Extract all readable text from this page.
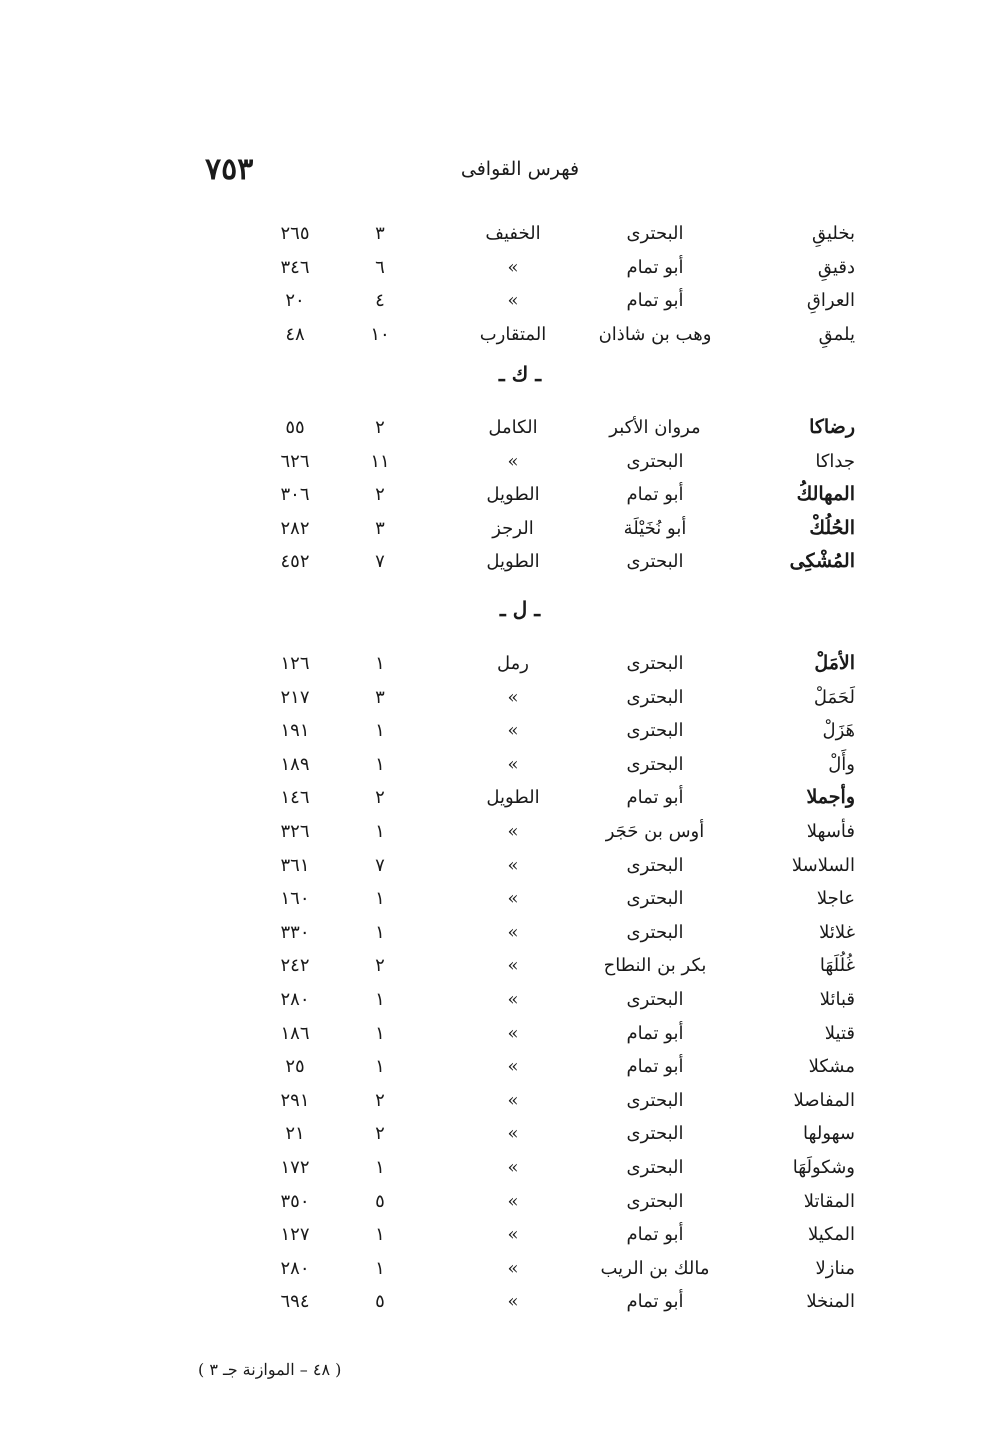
٧٥٣	فهرس القوافى
بخليقِ
البحترى
الخفيف
٣
٢٦٥
دقيقِ
أبو تمام
»
٦
٣٤٦
العراقِ
أبو تمام
»
٤
٢٠
يلمقِ
وهب بن شاذان
المتقارب
١٠
٤٨
ـ ك ـ
رضاكا
مروان الأكبر
الكامل
٢
٥٥
جداكا
البحترى
»
١١
٦٢٦
المهالكُ
أبو تمام
الطويل
٢
٣٠٦
الحُلُكْ
أبو نُخَيْلَة
الرجز
٣
٢٨٢
المُشْكِى
البحترى
الطويل
٧
٤٥٢
ـ ل ـ
الأمَلْ
البحترى
رمل
١
١٢٦
لَحَمَلْ
البحترى
»
٣
٢١٧
هَزَلْ
البحترى
»
١
١٩١
وأَلْ
البحترى
»
١
١٨٩
وأجملا
أبو تمام
الطويل
٢
١٤٦
فأسهلا
أوس بن حَجَر
»
١
٣٢٦
السلاسلا
البحترى
»
٧
٣٦١
عاجلا
البحترى
»
١
١٦٠
غلائلا
البحترى
»
١
٣٣٠
غُلُلَهَا
بكر بن النطاح
»
٢
٢٤٢
قبائلا
البحترى
»
١
٢٨٠
قتيلا
أبو تمام
»
١
١٨٦
مشكلا
أبو تمام
»
١
٢٥
المفاصلا
البحترى
»
٢
٢٩١
سهولها
البحترى
»
٢
٢١
وشكولَهَا
البحترى
»
١
١٧٢
المقاتلا
البحترى
»
٥
٣٥٠
المكيلا
أبو تمام
»
١
١٢٧
منازلا
مالك بن الريب
»
١
٢٨٠
المنخلا
أبو تمام
»
٥
٦٩٤
( ٤٨ – الموازنة جـ ٣ )
